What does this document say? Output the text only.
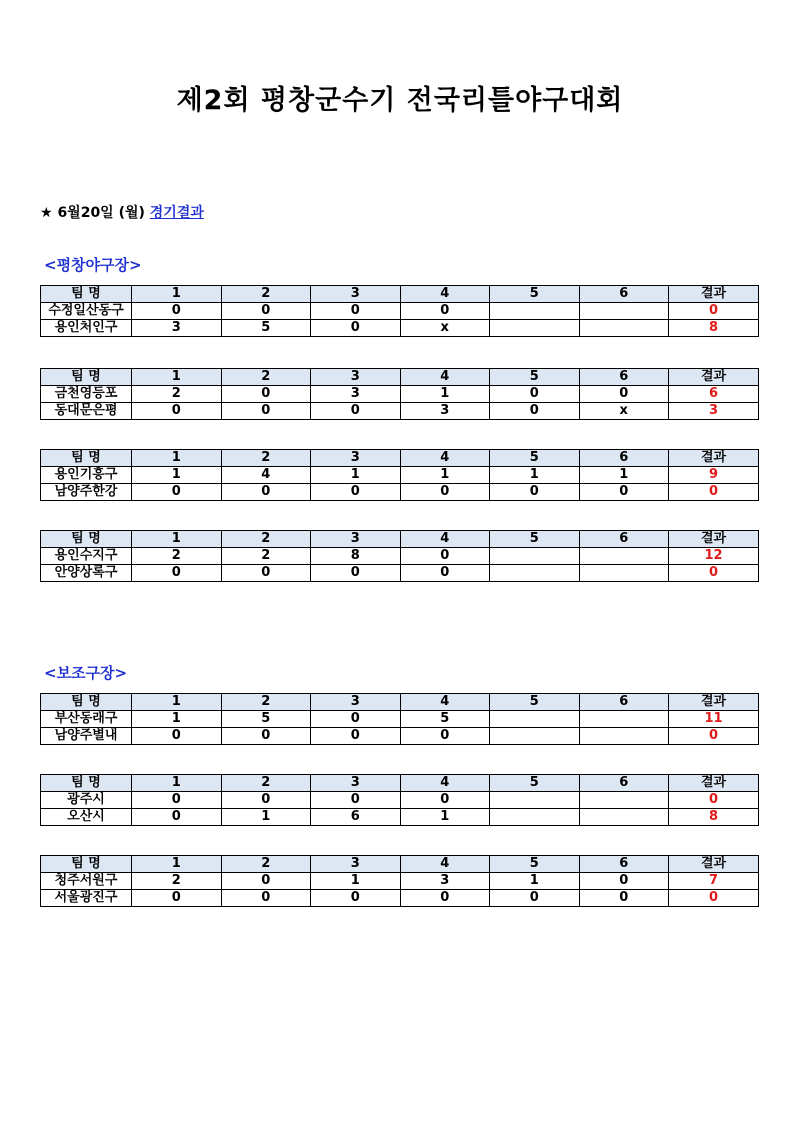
제2회 평창군수기 전국리틀야구대회
★ 6월20일 (월) 경기결과
<평창야구장>
<보조구장>
팀 명	1	2	3	4	5	6	결과
수정일산동구	0	0	0	0			0
용인처인구	3	5	0	x			8
팀 명	1	2	3	4	5	6	결과
금천영등포	2	0	3	1	0	0	6
동대문은평	0	0	0	3	0	x	3
팀 명	1	2	3	4	5	6	결과
용인기흥구	1	4	1	1	1	1	9
남양주한강	0	0	0	0	0	0	0
팀 명	1	2	3	4	5	6	결과
용인수지구	2	2	8	0			12
안양상록구	0	0	0	0			0
팀 명	1	2	3	4	5	6	결과
부산동래구	1	5	0	5			11
남양주별내	0	0	0	0			0
팀 명	1	2	3	4	5	6	결과
광주시	0	0	0	0			0
오산시	0	1	6	1			8
팀 명	1	2	3	4	5	6	결과
청주서원구	2	0	1	3	1	0	7
서울광진구	0	0	0	0	0	0	0
